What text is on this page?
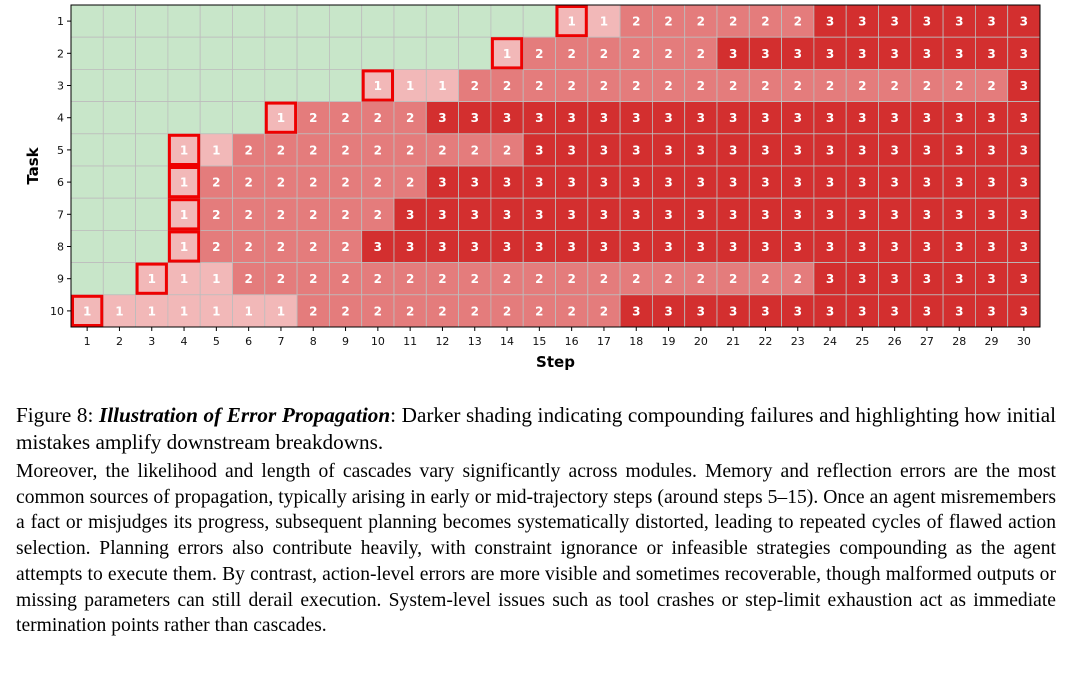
1 1 2 2 2 2 2 2 3 3 3 3 3 3 3
1 2 2 2 2 2 2 3 3 3 3 3 3 3 3 3 3
1 1 1 2 2 2 2 2 2 2 2 2 2 2 2 2 2 2 2 2 3
1 2 2 2 2 3 3 3 3 3 3 3 3 3 3 3 3 3 3 3 3 3 3 3
1 1 2 2 2 2 2 2 2 2 2 3 3 3 3 3 3 3 3 3 3 3 3 3 3 3 3
1 2 2 2 2 2 2 2 3 3 3 3 3 3 3 3 3 3 3 3 3 3 3 3 3 3 3
1 2 2 2 2 2 2 3 3 3 3 3 3 3 3 3 3 3 3 3 3 3 3 3 3 3 3
1 2 2 2 2 2 3 3 3 3 3 3 3 3 3 3 3 3 3 3 3 3 3 3 3 3 3
1 1 1 2 2 2 2 2 2 2 2 2 2 2 2 2 2 2 2 2 2 3 3 3 3 3 3 3
1 1 1 1 1 1 1 2 2 2 2 2 2 2 2 2 2 3 3 3 3 3 3 3 3 3 3 3 3 3
1 2 3 4 5 6 7 8 9 10 11 12 13 14 15 16 17 18 19 20 21 22 23 24 25 26 27 28 29 30
1
2
3
4
5
6
7
8
9
10
Step
Task

Figure 8: Illustration of Error Propagation: Darker shading indicating compounding failures and highlighting how initial mistakes amplify downstream breakdowns.

Moreover, the likelihood and length of cascades vary significantly across modules. Memory and reflection errors are the most common sources of propagation, typically arising in early or mid-trajectory steps (around steps 5–15). Once an agent misremembers a fact or misjudges its progress, subsequent planning becomes systematically distorted, leading to repeated cycles of flawed action selection. Planning errors also contribute heavily, with constraint ignorance or infeasible strategies compounding as the agent attempts to execute them. By contrast, action-level errors are more visible and sometimes recoverable, though malformed outputs or missing parameters can still derail execution. System-level issues such as tool crashes or step-limit exhaustion act as immediate termination points rather than cascades.
